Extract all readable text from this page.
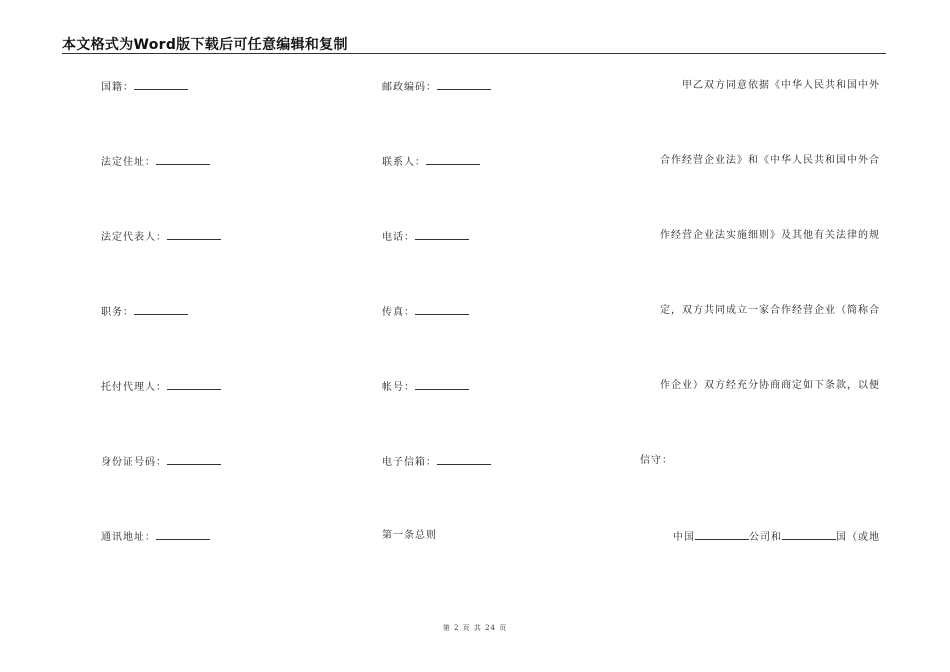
本文格式为Word版下载后可任意编辑和复制
国籍：
法定住址：
法定代表人：
职务：
托付代理人：
身份证号码：
通讯地址：
邮政编码：
联系人：
电话：
传真：
帐号：
电子信箱：
第一条总则
甲乙双方同意依据《中华人民共和国中外
合作经营企业法》和《中华人民共和国中外合
作经营企业法实施细则》及其他有关法律的规
定，双方共同成立一家合作经营企业（简称合
作企业）双方经充分协商商定如下条款，以便
信守：
中国	公司和	国（或地
第 2 页 共 24 页
